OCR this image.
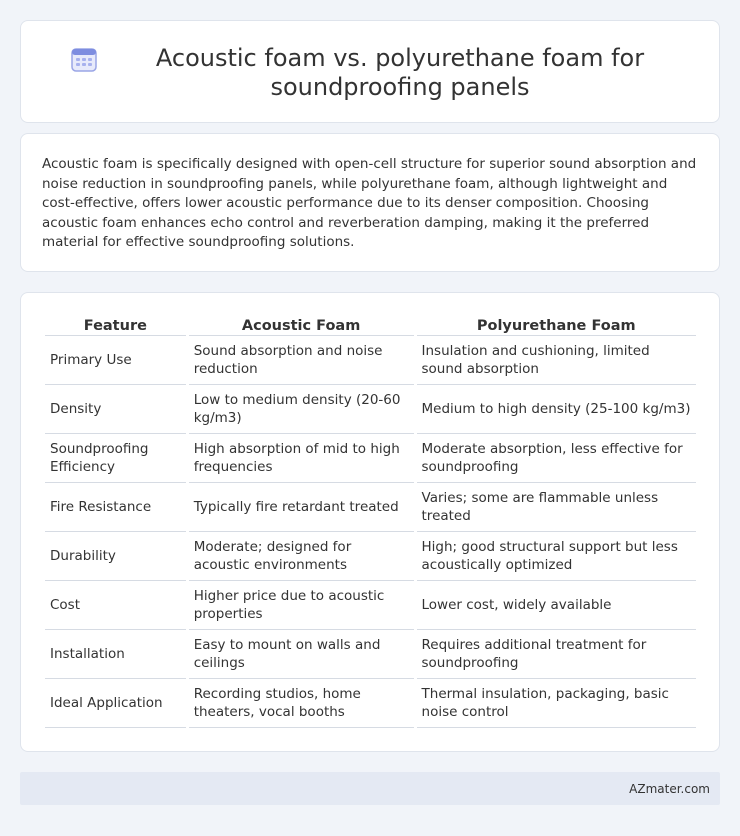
Acoustic foam vs. polyurethane foam for soundproofing panels

Acoustic foam is specifically designed with open-cell structure for superior sound absorption and noise reduction in soundproofing panels, while polyurethane foam, although lightweight and cost-effective, offers lower acoustic performance due to its denser composition. Choosing acoustic foam enhances echo control and reverberation damping, making it the preferred material for effective soundproofing solutions.

Feature	Acoustic Foam	Polyurethane Foam
Primary Use	Sound absorption and noise reduction	Insulation and cushioning, limited sound absorption
Density	Low to medium density (20-60 kg/m3)	Medium to high density (25-100 kg/m3)
Soundproofing Efficiency	High absorption of mid to high frequencies	Moderate absorption, less effective for soundproofing
Fire Resistance	Typically fire retardant treated	Varies; some are flammable unless treated
Durability	Moderate; designed for acoustic environments	High; good structural support but less acoustically optimized
Cost	Higher price due to acoustic properties	Lower cost, widely available
Installation	Easy to mount on walls and ceilings	Requires additional treatment for soundproofing
Ideal Application	Recording studios, home theaters, vocal booths	Thermal insulation, packaging, basic noise control
AZmater.com
